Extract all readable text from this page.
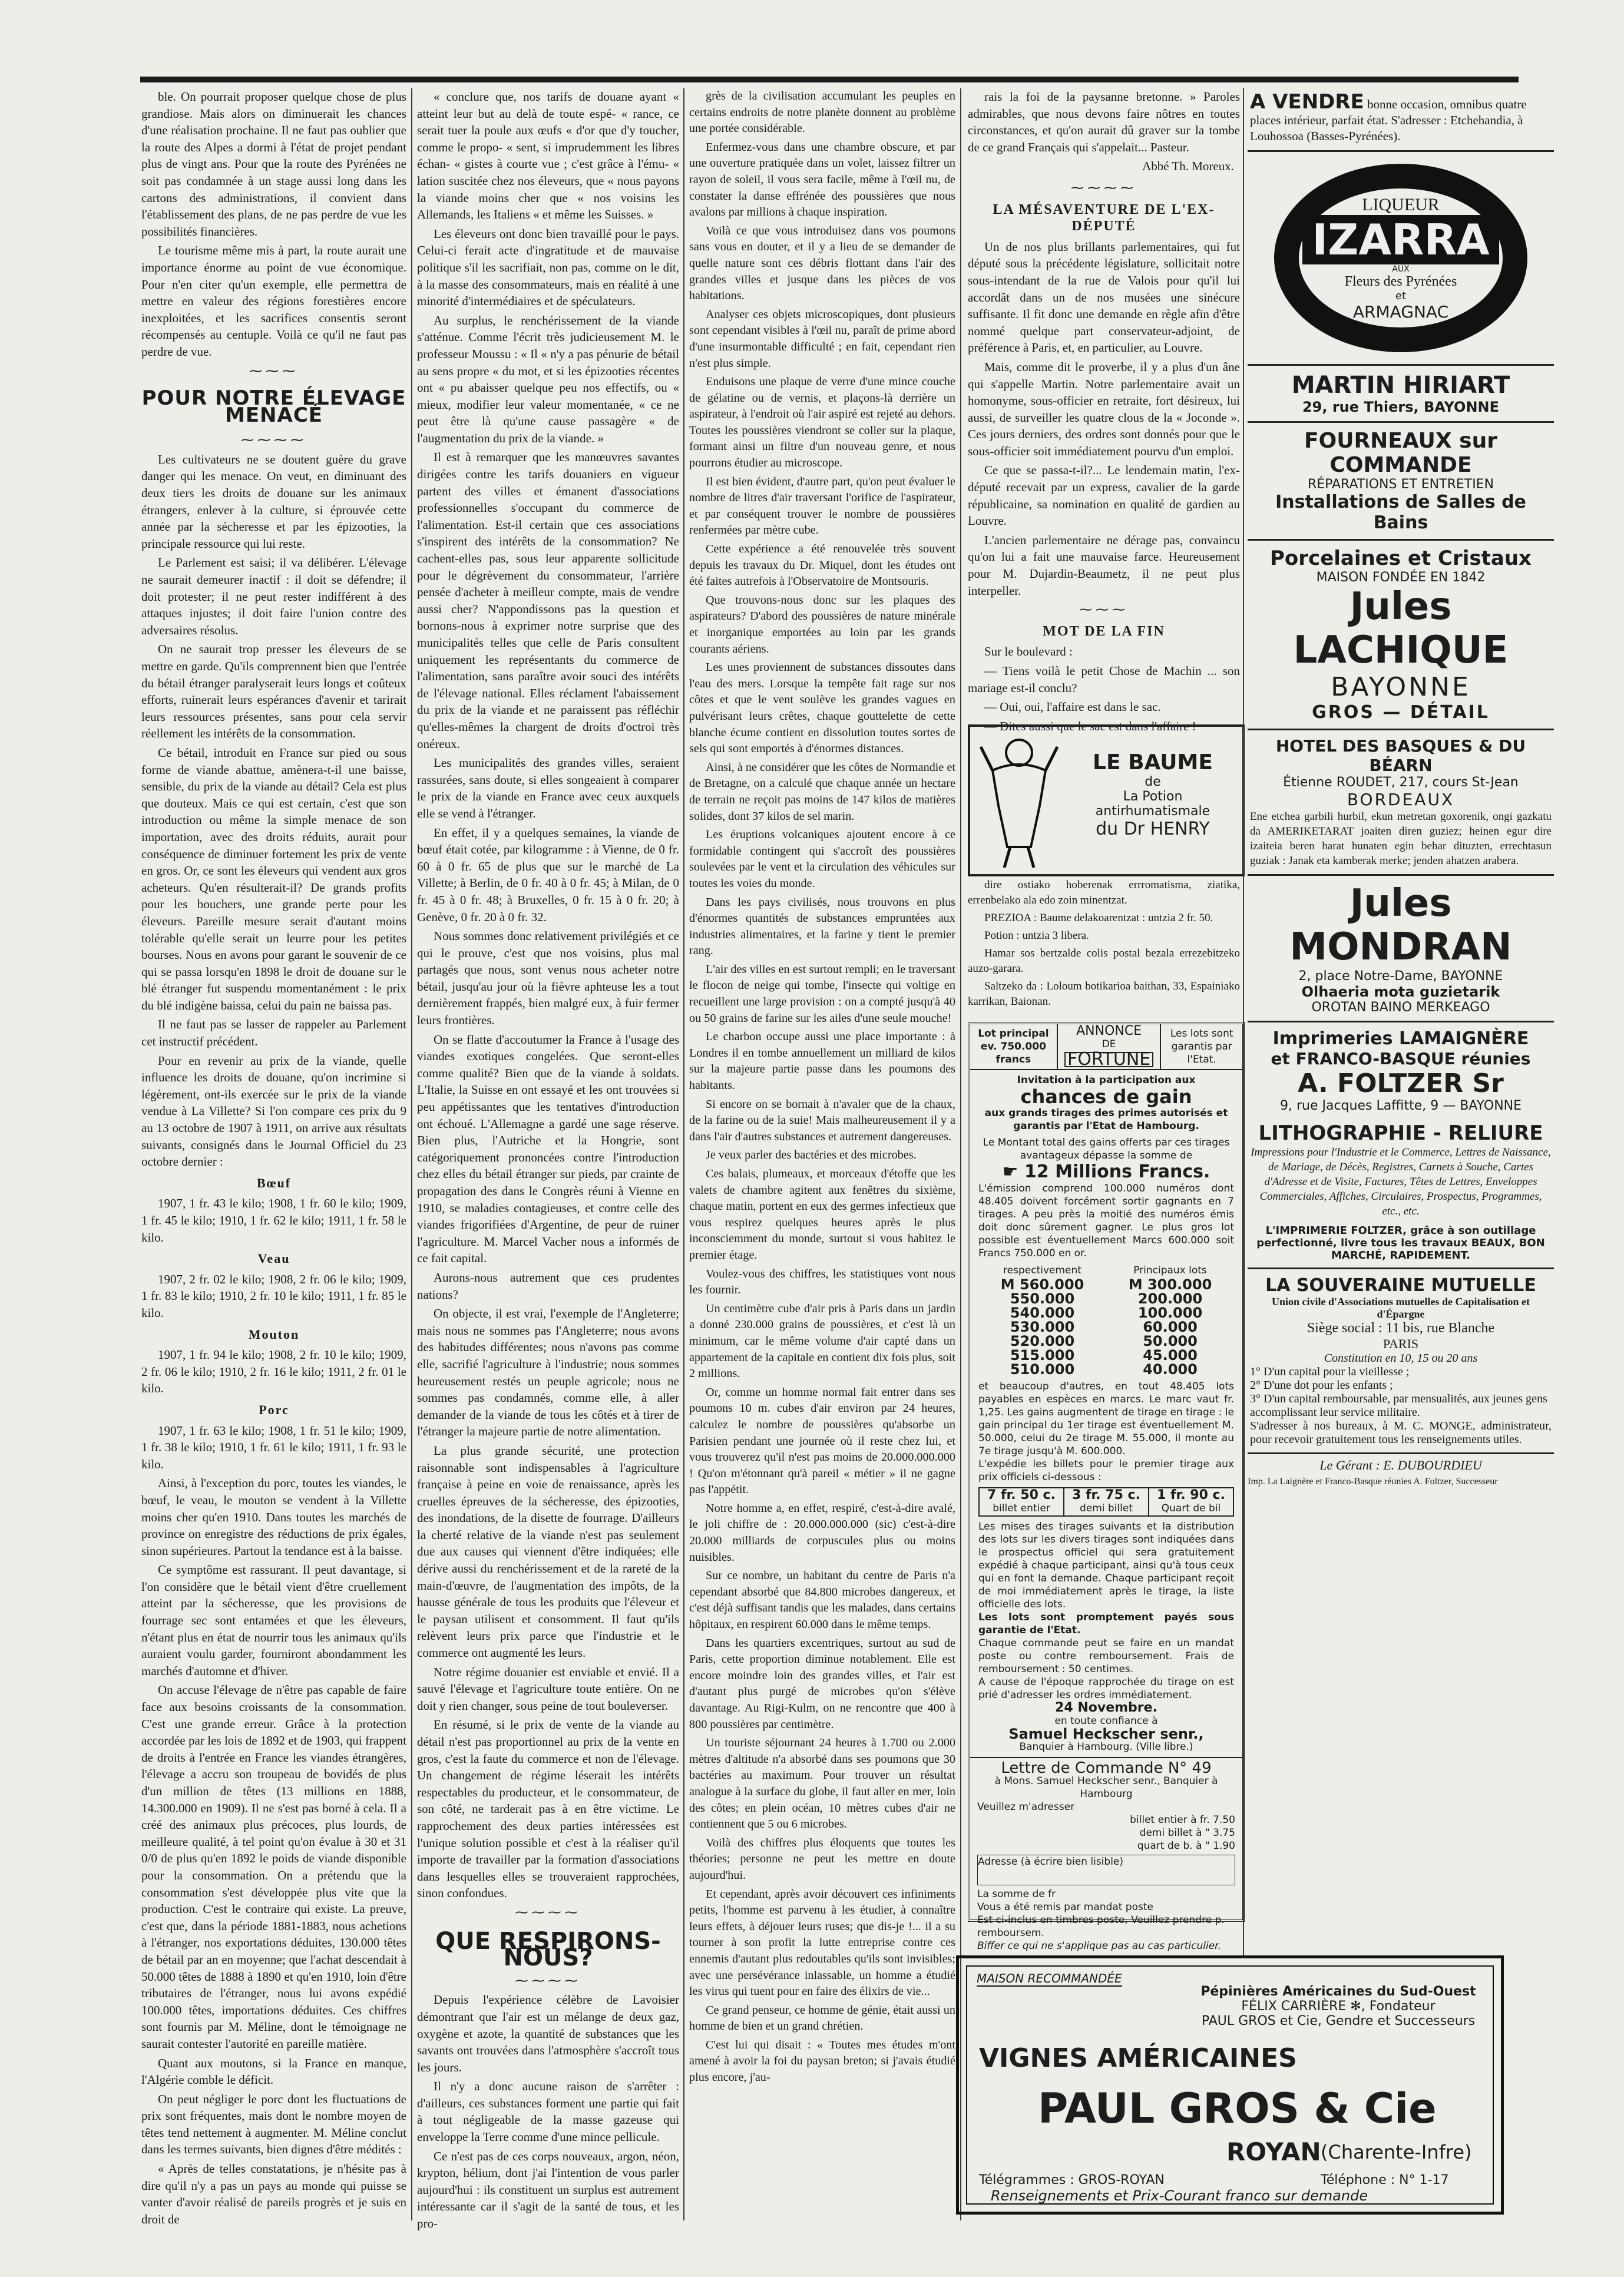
ble. On pourrait proposer quelque chose de plus grandiose. Mais alors on diminuerait les chances d'une réalisation prochaine. Il ne faut pas oublier que la route des Alpes a dormi à l'état de projet pendant plus de vingt ans. Pour que la route des Pyrénées ne soit pas condamnée à un stage aussi long dans les cartons des administrations, il convient dans l'établissement des plans, de ne pas perdre de vue les possibilités financières.

Le tourisme même mis à part, la route aurait une importance énorme au point de vue économique. Pour n'en citer qu'un exemple, elle permettra de mettre en valeur des régions forestières encore inexploitées, et les sacrifices consentis seront récompensés au centuple. Voilà ce qu'il ne faut pas perdre de vue.

⁓⁓⁓
POUR NOTRE ÉLEVAGE MENACÉ
⁓⁓⁓⁓

Les cultivateurs ne se doutent guère du grave danger qui les menace. On veut, en diminuant des deux tiers les droits de douane sur les animaux étrangers, enlever à la culture, si éprouvée cette année par la sécheresse et par les épizooties, la principale ressource qui lui reste.

Le Parlement est saisi; il va délibérer. L'élevage ne saurait demeurer inactif : il doit se défendre; il doit protester; il ne peut rester indifférent à des attaques injustes; il doit faire l'union contre des adversaires résolus.

On ne saurait trop presser les éleveurs de se mettre en garde. Qu'ils comprennent bien que l'entrée du bétail étranger paralyserait leurs longs et coûteux efforts, ruinerait leurs espérances d'avenir et tarirait leurs ressources présentes, sans pour cela servir réellement les intérêts de la consommation.

Ce bétail, introduit en France sur pied ou sous forme de viande abattue, amènera-t-il une baisse, sensible, du prix de la viande au détail? Cela est plus que douteux. Mais ce qui est certain, c'est que son introduction ou même la simple menace de son importation, avec des droits réduits, aurait pour conséquence de diminuer fortement les prix de vente en gros. Or, ce sont les éleveurs qui vendent aux gros acheteurs. Qu'en résulterait-il? De grands profits pour les bouchers, une grande perte pour les éleveurs. Pareille mesure serait d'autant moins tolérable qu'elle serait un leurre pour les petites bourses. Nous en avons pour garant le souvenir de ce qui se passa lorsqu'en 1898 le droit de douane sur le blé étranger fut suspendu momentanément : le prix du blé indigène baissa, celui du pain ne baissa pas.

Il ne faut pas se lasser de rappeler au Parlement cet instructif précédent.

Pour en revenir au prix de la viande, quelle influence les droits de douane, qu'on incrimine si légèrement, ont-ils exercée sur le prix de la viande vendue à La Villette? Si l'on compare ces prix du 9 au 13 octobre de 1907 à 1911, on arrive aux résultats suivants, consignés dans le Journal Officiel du 23 octobre dernier :

Bœuf

1907, 1 fr. 43 le kilo; 1908, 1 fr. 60 le kilo; 1909, 1 fr. 45 le kilo; 1910, 1 fr. 62 le kilo; 1911, 1 fr. 58 le kilo.

Veau

1907, 2 fr. 02 le kilo; 1908, 2 fr. 06 le kilo; 1909, 1 fr. 83 le kilo; 1910, 2 fr. 10 le kilo; 1911, 1 fr. 85 le kilo.

Mouton

1907, 1 fr. 94 le kilo; 1908, 2 fr. 10 le kilo; 1909, 2 fr. 06 le kilo; 1910, 2 fr. 16 le kilo; 1911, 2 fr. 01 le kilo.

Porc

1907, 1 fr. 63 le kilo; 1908, 1 fr. 51 le kilo; 1909, 1 fr. 38 le kilo; 1910, 1 fr. 61 le kilo; 1911, 1 fr. 93 le kilo.

Ainsi, à l'exception du porc, toutes les viandes, le bœuf, le veau, le mouton se vendent à la Villette moins cher qu'en 1910. Dans toutes les marchés de province on enregistre des réductions de prix égales, sinon supérieures. Partout la tendance est à la baisse.

Ce symptôme est rassurant. Il peut davantage, si l'on considère que le bétail vient d'être cruellement atteint par la sécheresse, que les provisions de fourrage sec sont entamées et que les éleveurs, n'étant plus en état de nourrir tous les animaux qu'ils auraient voulu garder, fourniront abondamment les marchés d'automne et d'hiver.

On accuse l'élevage de n'être pas capable de faire face aux besoins croissants de la consommation. C'est une grande erreur. Grâce à la protection accordée par les lois de 1892 et de 1903, qui frappent de droits à l'entrée en France les viandes étrangères, l'élevage a accru son troupeau de bovidés de plus d'un million de têtes (13 millions en 1888, 14.300.000 en 1909). Il ne s'est pas borné à cela. Il a créé des animaux plus précoces, plus lourds, de meilleure qualité, à tel point qu'on évalue à 30 et 31 0/0 de plus qu'en 1892 le poids de viande disponible pour la consommation. On a prétendu que la consommation s'est développée plus vite que la production. C'est le contraire qui existe. La preuve, c'est que, dans la période 1881-1883, nous achetions à l'étranger, nos exportations déduites, 130.000 têtes de bétail par an en moyenne; que l'achat descendait à 50.000 têtes de 1888 à 1890 et qu'en 1910, loin d'être tributaires de l'étranger, nous lui avons expédié 100.000 têtes, importations déduites. Ces chiffres sont fournis par M. Méline, dont le témoignage ne saurait contester l'autorité en pareille matière.

Quant aux moutons, si la France en manque, l'Algérie comble le déficit.

On peut négliger le porc dont les fluctuations de prix sont fréquentes, mais dont le nombre moyen de têtes tend nettement à augmenter. M. Méline conclut dans les termes suivants, bien dignes d'être médités :

« Après de telles constatations, je n'hésite pas à dire qu'il n'y a pas un pays au monde qui puisse se vanter d'avoir réalisé de pareils progrès et je suis en droit de

« conclure que, nos tarifs de douane ayant « atteint leur but au delà de toute espé- « rance, ce serait tuer la poule aux œufs « d'or que d'y toucher, comme le propo- « sent, si imprudemment les libres échan- « gistes à courte vue ; c'est grâce à l'ému- « lation suscitée chez nos éleveurs, que « nous payons la viande moins cher que « nos voisins les Allemands, les Italiens « et même les Suisses. »

Les éleveurs ont donc bien travaillé pour le pays. Celui-ci ferait acte d'ingratitude et de mauvaise politique s'il les sacrifiait, non pas, comme on le dit, à la masse des consommateurs, mais en réalité à une minorité d'intermédiaires et de spéculateurs.

Au surplus, le renchérissement de la viande s'atténue. Comme l'écrit très judicieusement M. le professeur Moussu : « Il « n'y a pas pénurie de bétail au sens propre « du mot, et si les épizooties récentes ont « pu abaisser quelque peu nos effectifs, ou « mieux, modifier leur valeur momentanée, « ce ne peut être là qu'une cause passagère « de l'augmentation du prix de la viande. »

Il est à remarquer que les manœuvres savantes dirigées contre les tarifs douaniers en vigueur partent des villes et émanent d'associations professionnelles s'occupant du commerce de l'alimentation. Est-il certain que ces associations s'inspirent des intérêts de la consommation? Ne cachent-elles pas, sous leur apparente sollicitude pour le dégrèvement du consommateur, l'arrière pensée d'acheter à meilleur compte, mais de vendre aussi cher? N'appondissons pas la question et bornons-nous à exprimer notre surprise que des municipalités telles que celle de Paris consultent uniquement les représentants du commerce de l'alimentation, sans paraître avoir souci des intérêts de l'élevage national. Elles réclament l'abaissement du prix de la viande et ne paraissent pas réfléchir qu'elles-mêmes la chargent de droits d'octroi très onéreux.

Les municipalités des grandes villes, seraient rassurées, sans doute, si elles songeaient à comparer le prix de la viande en France avec ceux auxquels elle se vend à l'étranger.

En effet, il y a quelques semaines, la viande de bœuf était cotée, par kilogramme : à Vienne, de 0 fr. 60 à 0 fr. 65 de plus que sur le marché de La Villette; à Berlin, de 0 fr. 40 à 0 fr. 45; à Milan, de 0 fr. 45 à 0 fr. 48; à Bruxelles, 0 fr. 15 à 0 fr. 20; à Genève, 0 fr. 20 à 0 fr. 32.

Nous sommes donc relativement privilégiés et ce qui le prouve, c'est que nos voisins, plus mal partagés que nous, sont venus nous acheter notre bétail, jusqu'au jour où la fièvre aphteuse les a tout dernièrement frappés, bien malgré eux, à fuir fermer leurs frontières.

On se flatte d'accoutumer la France à l'usage des viandes exotiques congelées. Que seront-elles comme qualité? Bien que de la viande à soldats. L'Italie, la Suisse en ont essayé et les ont trouvées si peu appétissantes que les tentatives d'introduction ont échoué. L'Allemagne a gardé une sage réserve. Bien plus, l'Autriche et la Hongrie, sont catégoriquement prononcées contre l'introduction chez elles du bétail étranger sur pieds, par crainte de propagation des dans le Congrès réuni à Vienne en 1910, se maladies contagieuses, et contre celle des viandes frigorifiées d'Argentine, de peur de ruiner l'agriculture. M. Marcel Vacher nous a informés de ce fait capital.

Aurons-nous autrement que ces prudentes nations?

On objecte, il est vrai, l'exemple de l'Angleterre; mais nous ne sommes pas l'Angleterre; nous avons des habitudes différentes; nous n'avons pas comme elle, sacrifié l'agriculture à l'industrie; nous sommes heureusement restés un peuple agricole; nous ne sommes pas condamnés, comme elle, à aller demander de la viande de tous les côtés et à tirer de l'étranger la majeure partie de notre alimentation.

La plus grande sécurité, une protection raisonnable sont indispensables à l'agriculture française à peine en voie de renaissance, après les cruelles épreuves de la sécheresse, des épizooties, des inondations, de la disette de fourrage. D'ailleurs la cherté relative de la viande n'est pas seulement due aux causes qui viennent d'être indiquées; elle dérive aussi du renchérissement et de la rareté de la main-d'œuvre, de l'augmentation des impôts, de la hausse générale de tous les produits que l'éleveur et le paysan utilisent et consomment. Il faut qu'ils relèvent leurs prix parce que l'industrie et le commerce ont augmenté les leurs.

Notre régime douanier est enviable et envié. Il a sauvé l'élevage et l'agriculture toute entière. On ne doit y rien changer, sous peine de tout bouleverser.

En résumé, si le prix de vente de la viande au détail n'est pas proportionnel au prix de la vente en gros, c'est la faute du commerce et non de l'élevage. Un changement de régime léserait les intérêts respectables du producteur, et le consommateur, de son côté, ne tarderait pas à en être victime. Le rapprochement des deux parties intéressées est l'unique solution possible et c'est à la réaliser qu'il importe de travailler par la formation d'associations dans lesquelles elles se trouveraient rapprochées, sinon confondues.

⁓⁓⁓⁓
QUE RESPIRONS-NOUS?
⁓⁓⁓⁓

Depuis l'expérience célèbre de Lavoisier démontrant que l'air est un mélange de deux gaz, oxygène et azote, la quantité de substances que les savants ont trouvées dans l'atmosphère s'accroît tous les jours.

Il n'y a donc aucune raison de s'arrêter : d'ailleurs, ces substances forment une partie qui fait à tout négligeable de la masse gazeuse qui enveloppe la Terre comme d'une mince pellicule.

Ce n'est pas de ces corps nouveaux, argon, néon, krypton, hélium, dont j'ai l'intention de vous parler aujourd'hui : ils constituent un surplus est autrement intéressante car il s'agit de la santé de tous, et les pro-

grès de la civilisation accumulant les peuples en certains endroits de notre planète donnent au problème une portée considérable.

Enfermez-vous dans une chambre obscure, et par une ouverture pratiquée dans un volet, laissez filtrer un rayon de soleil, il vous sera facile, même à l'œil nu, de constater la danse effrénée des poussières que nous avalons par millions à chaque inspiration.

Voilà ce que vous introduisez dans vos poumons sans vous en douter, et il y a lieu de se demander de quelle nature sont ces débris flottant dans l'air des grandes villes et jusque dans les pièces de vos habitations.

Analyser ces objets microscopiques, dont plusieurs sont cependant visibles à l'œil nu, paraît de prime abord d'une insurmontable difficulté ; en fait, cependant rien n'est plus simple.

Enduisons une plaque de verre d'une mince couche de gélatine ou de vernis, et plaçons-là derrière un aspirateur, à l'endroit où l'air aspiré est rejeté au dehors. Toutes les poussières viendront se coller sur la plaque, formant ainsi un filtre d'un nouveau genre, et nous pourrons étudier au microscope.

Il est bien évident, d'autre part, qu'on peut évaluer le nombre de litres d'air traversant l'orifice de l'aspirateur, et par conséquent trouver le nombre de poussières renfermées par mètre cube.

Cette expérience a été renouvelée très souvent depuis les travaux du Dr. Miquel, dont les études ont été faites autrefois à l'Observatoire de Montsouris.

Que trouvons-nous donc sur les plaques des aspirateurs? D'abord des poussières de nature minérale et inorganique emportées au loin par les grands courants aériens.

Les unes proviennent de substances dissoutes dans l'eau des mers. Lorsque la tempête fait rage sur nos côtes et que le vent soulève les grandes vagues en pulvérisant leurs crêtes, chaque gouttelette de cette blanche écume contient en dissolution toutes sortes de sels qui sont emportés à d'énormes distances.

Ainsi, à ne considérer que les côtes de Normandie et de Bretagne, on a calculé que chaque année un hectare de terrain ne reçoit pas moins de 147 kilos de matières solides, dont 37 kilos de sel marin.

Les éruptions volcaniques ajoutent encore à ce formidable contingent qui s'accroît des poussières soulevées par le vent et la circulation des véhicules sur toutes les voies du monde.

Dans les pays civilisés, nous trouvons en plus d'énormes quantités de substances empruntées aux industries alimentaires, et la farine y tient le premier rang.

L'air des villes en est surtout rempli; en le traversant le flocon de neige qui tombe, l'insecte qui voltige en recueillent une large provision : on a compté jusqu'à 40 ou 50 grains de farine sur les ailes d'une seule mouche!

Le charbon occupe aussi une place importante : à Londres il en tombe annuellement un milliard de kilos sur la majeure partie passe dans les poumons des habitants.

Si encore on se bornait à n'avaler que de la chaux, de la farine ou de la suie! Mais malheureusement il y a dans l'air d'autres substances et autrement dangereuses.

Je veux parler des bactéries et des microbes.

Ces balais, plumeaux, et morceaux d'étoffe que les valets de chambre agitent aux fenêtres du sixième, chaque matin, portent en eux des germes infectieux que vous respirez quelques heures après le plus inconsciemment du monde, surtout si vous habitez le premier étage.

Voulez-vous des chiffres, les statistiques vont nous les fournir.

Un centimètre cube d'air pris à Paris dans un jardin a donné 230.000 grains de poussières, et c'est là un minimum, car le même volume d'air capté dans un appartement de la capitale en contient dix fois plus, soit 2 millions.

Or, comme un homme normal fait entrer dans ses poumons 10 m. cubes d'air environ par 24 heures, calculez le nombre de poussières qu'absorbe un Parisien pendant une journée où il reste chez lui, et vous trouverez qu'il n'est pas moins de 20.000.000.000 ! Qu'on m'étonnant qu'à pareil « métier » il ne gagne pas l'appétit.

Notre homme a, en effet, respiré, c'est-à-dire avalé, le joli chiffre de : 20.000.000.000 (sic) c'est-à-dire 20.000 milliards de corpuscules plus ou moins nuisibles.

Sur ce nombre, un habitant du centre de Paris n'a cependant absorbé que 84.800 microbes dangereux, et c'est déjà suffisant tandis que les malades, dans certains hôpitaux, en respirent 60.000 dans le même temps.

Dans les quartiers excentriques, surtout au sud de Paris, cette proportion diminue notablement. Elle est encore moindre loin des grandes villes, et l'air est d'autant plus purgé de microbes qu'on s'élève davantage. Au Rigi-Kulm, on ne rencontre que 400 à 800 poussières par centimètre.

Un touriste séjournant 24 heures à 1.700 ou 2.000 mètres d'altitude n'a absorbé dans ses poumons que 30 bactéries au maximum. Pour trouver un résultat analogue à la surface du globe, il faut aller en mer, loin des côtes; en plein océan, 10 mètres cubes d'air ne contiennent que 5 ou 6 microbes.

Voilà des chiffres plus éloquents que toutes les théories; personne ne peut les mettre en doute aujourd'hui.

Et cependant, après avoir découvert ces infiniments petits, l'homme est parvenu à les étudier, à connaître leurs effets, à déjouer leurs ruses; que dis-je !... il a su tourner à son profit la lutte entreprise contre ces ennemis d'autant plus redoutables qu'ils sont invisibles; avec une persévérance inlassable, un homme a étudié les virus qui tuent pour en faire des élixirs de vie...

Ce grand penseur, ce homme de génie, était aussi un homme de bien et un grand chrétien.

C'est lui qui disait : « Toutes mes études m'ont amené à avoir la foi du paysan breton; si j'avais étudié plus encore, j'au-

rais la foi de la paysanne bretonne. » Paroles admirables, que nous devons faire nôtres en toutes circonstances, et qu'on aurait dû graver sur la tombe de ce grand Français qui s'appelait... Pasteur.

Abbé Th. Moreux.
⁓⁓⁓⁓
LA MÉSAVENTURE DE L'EX-DÉPUTÉ

Un de nos plus brillants parlementaires, qui fut député sous la précédente législature, sollicitait notre sous-intendant de la rue de Valois pour qu'il lui accordât dans un de nos musées une sinécure suffisante. Il fit donc une demande en règle afin d'être nommé quelque part conservateur-adjoint, de préférence à Paris, et, en particulier, au Louvre.

Mais, comme dit le proverbe, il y a plus d'un âne qui s'appelle Martin. Notre parlementaire avait un homonyme, sous-officier en retraite, fort désireux, lui aussi, de surveiller les quatre clous de la « Joconde ». Ces jours derniers, des ordres sont donnés pour que le sous-officier soit immédiatement pourvu d'un emploi.

Ce que se passa-t-il?... Le lendemain matin, l'ex-député recevait par un express, cavalier de la garde républicaine, sa nomination en qualité de gardien au Louvre.

L'ancien parlementaire ne dérage pas, convaincu qu'on lui a fait une mauvaise farce. Heureusement pour M. Dujardin-Beaumetz, il ne peut plus interpeller.

⁓⁓⁓
MOT DE LA FIN

Sur le boulevard :

— Tiens voilà le petit Chose de Machin ... son mariage est-il conclu?

— Oui, oui, l'affaire est dans le sac.

— Dites aussi que le sac est dans l'affaire !

LE BAUME
de
La Potion antirhumatismale
du Dr HENRY

dire ostiako hoberenak errromatisma, ziatika, errenbelako ala edo zoin minentzat.

PREZIOA : Baume delakoarentzat : untzia 2 fr. 50.

Potion : untzia 3 libera.

Hamar sos bertzalde colis postal bezala errezebitzeko auzo-garara.

Saltzeko da : Loloum botikarioa baithan, 33, Espainiako karrikan, Baionan.

Lot principal ev. 750.000 francs	
ANNONCE
DE
FORTUNE
	Les lots sont garantis par l'Etat.
Invitation à la participation aux
chances de gain
aux grands tirages des primes autorisés et garantis par l'Etat de Hambourg.
Le Montant total des gains offerts par ces tirages avantageux dépasse la somme de
☛ 12 Millions Francs.
L'émission comprend 100.000 numéros dont 48.405 doivent forcément sortir gagnants en 7 tirages. A peu près la moitié des numéros émis doit donc sûrement gagner. Le plus gros lot possible est éventuellement Marcs 600.000 soit Francs 750.000 en or.
respectivement	Principaux lots
M 560.000	M 300.000
550.000	200.000
540.000	100.000
530.000	60.000
520.000	50.000
515.000	45.000
510.000	40.000
et beaucoup d'autres, en tout 48.405 lots payables en espèces en marcs. Le marc vaut fr. 1,25. Les gains augmentent de tirage en tirage : le gain principal du 1er tirage est éventuellement M. 50.000, celui du 2e tirage M. 55.000, il monte au 7e tirage jusqu'à M. 600.000.
L'expédie les billets pour le premier tirage aux prix officiels ci-dessous :
7 fr. 50 c.
billet entier

3 fr. 75 c.
demi billet

1 fr. 90 c.
Quart de bil
Les mises des tirages suivants et la distribution des lots sur les divers tirages sont indiquées dans le prospectus officiel qui sera gratuitement expédié à chaque participant, ainsi qu'à tous ceux qui en font la demande. Chaque participant reçoit de moi immédiatement après le tirage, la liste officielle des lots.
Les lots sont promptement payés sous garantie de l'Etat.
Chaque commande peut se faire en un mandat poste ou contre remboursement. Frais de remboursement : 50 centimes.
A cause de l'époque rapprochée du tirage on est prié d'adresser les ordres immédiatement.
24 Novembre.
en toute confiance à
Samuel Heckscher senr.,
Banquier à Hambourg. (Ville libre.)
Lettre de Commande N° 49
à Mons. Samuel Heckscher senr., Banquier à Hambourg
Veuillez m'adresser
billet entier à fr. 7.50
demi billet à " 3.75
quart de b. à " 1.90
Adresse (à écrire bien lisible)
La somme de fr
Vous a été remis par mandat poste
Est ci-inclus en timbres poste, Veuillez prendre p. remboursem.
Biffer ce qui ne s'applique pas au cas particulier.
A VENDRE bonne occasion, omnibus quatre places intérieur, parfait état. S'adresser : Etchehandia, à Louhossoa (Basses-Pyrénées).
LIQUEUR
IZARRA
AUX
Fleurs des Pyrénées
et
ARMAGNAC
MARTIN HIRIART
29, rue Thiers, BAYONNE
FOURNEAUX sur COMMANDE
RÉPARATIONS ET ENTRETIEN
Installations de Salles de Bains
Porcelaines et Cristaux
MAISON FONDÉE EN 1842
Jules LACHIQUE
BAYONNE
GROS — DÉTAIL
HOTEL DES BASQUES & DU BÉARN
Étienne ROUDET, 217, cours St-Jean
BORDEAUX
Ene etchea garbili hurbil, ekun metretan goxorenik, ongi gazkatu da AMERIKETARAT joaiten diren guziez; heinen egur dire izaiteia beren harat hunaten egin behar dituzten, errechtasun guziak : Janak eta kamberak merke; jenden ahatzen arabera.
Jules MONDRAN
2, place Notre-Dame, BAYONNE
Olhaeria mota guzietarik
OROTAN BAINO MERKEAGO
Imprimeries LAMAIGNÈRE
et FRANCO-BASQUE réunies
A. FOLTZER Sr
9, rue Jacques Laffitte, 9 — BAYONNE
LITHOGRAPHIE - RELIURE
Impressions pour l'Industrie et le Commerce, Lettres de Naissance, de Mariage, de Décès, Registres, Carnets à Souche, Cartes d'Adresse et de Visite, Factures, Têtes de Lettres, Enveloppes Commerciales, Affiches, Circulaires, Prospectus, Programmes, etc., etc.
L'IMPRIMERIE FOLTZER, grâce à son outillage perfectionné, livre tous les travaux BEAUX, BON MARCHÉ, RAPIDEMENT.
LA SOUVERAINE MUTUELLE
Union civile d'Associations mutuelles de Capitalisation et d'Épargne
Siège social : 11 bis, rue Blanche
PARIS
Constitution en 10, 15 ou 20 ans
1° D'un capital pour la vieillesse ;
2° D'une dot pour les enfants ;
3° D'un capital remboursable, par mensualités, aux jeunes gens accomplissant leur service militaire.
S'adresser à nos bureaux, à M. C. MONGE, administrateur, pour recevoir gratuitement tous les renseignements utiles.
Le Gérant : E. DUBOURDIEU
Imp. La Laignère et Franco-Basque réunies A. Foltzer, Successeur
MAISON RECOMMANDÉE
Pépinières Américaines du Sud-Ouest
FÉLIX CARRIÈRE ✻, Fondateur
PAUL GROS et Cie, Gendre et Successeurs
VIGNES AMÉRICAINES
PAUL GROS & Cie
ROYAN (Charente-Infre)
Télégrammes : GROS-ROYAN	Téléphone : N° 1-17
Renseignements et Prix-Courant franco sur demande
